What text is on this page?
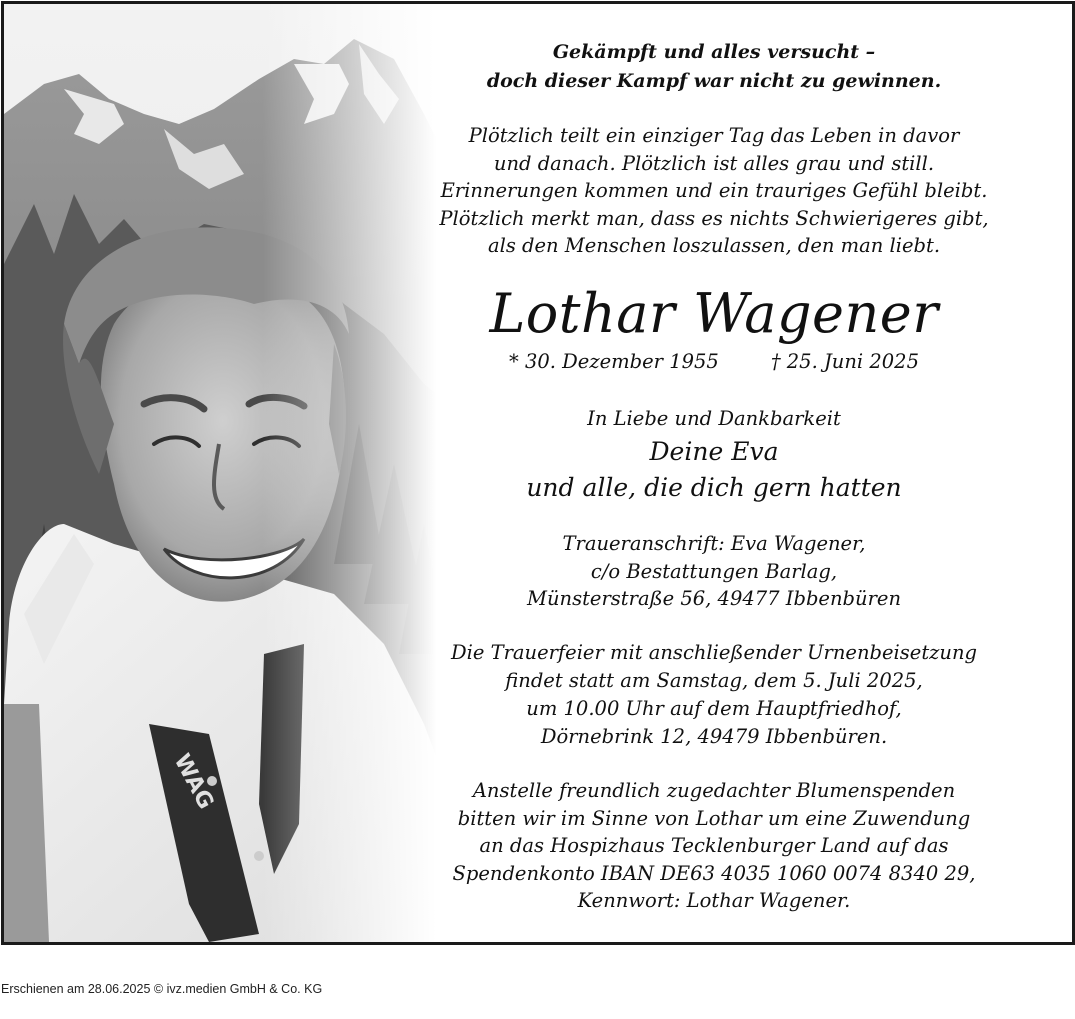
Gekämpft und alles versucht –
doch dieser Kampf war nicht zu gewinnen.
Plötzlich teilt ein einziger Tag das Leben in davor
und danach. Plötzlich ist alles grau und still.
Erinnerungen kommen und ein trauriges Gefühl bleibt.
Plötzlich merkt man, dass es nichts Schwierigeres gibt,
als den Menschen loszulassen, den man liebt.
Lothar Wagener
* 30. Dezember 1955	† 25. Juni 2025
In Liebe und Dankbarkeit
Deine Eva
und alle, die dich gern hatten
Traueranschrift: Eva Wagener,
c/o Bestattungen Barlag,
Münsterstraße 56, 49477 Ibbenbüren
Die Trauerfeier mit anschließender Urnenbeisetzung
findet statt am Samstag, dem 5. Juli 2025,
um 10.00 Uhr auf dem Hauptfriedhof,
Dörnebrink 12, 49479 Ibbenbüren.
Anstelle freundlich zugedachter Blumenspenden
bitten wir im Sinne von Lothar um eine Zuwendung
an das Hospizhaus Tecklenburger Land auf das
Spendenkonto IBAN DE63 4035 1060 0074 8340 29,
Kennwort: Lothar Wagener.
Erschienen am 28.06.2025 © ivz.medien GmbH & Co. KG
